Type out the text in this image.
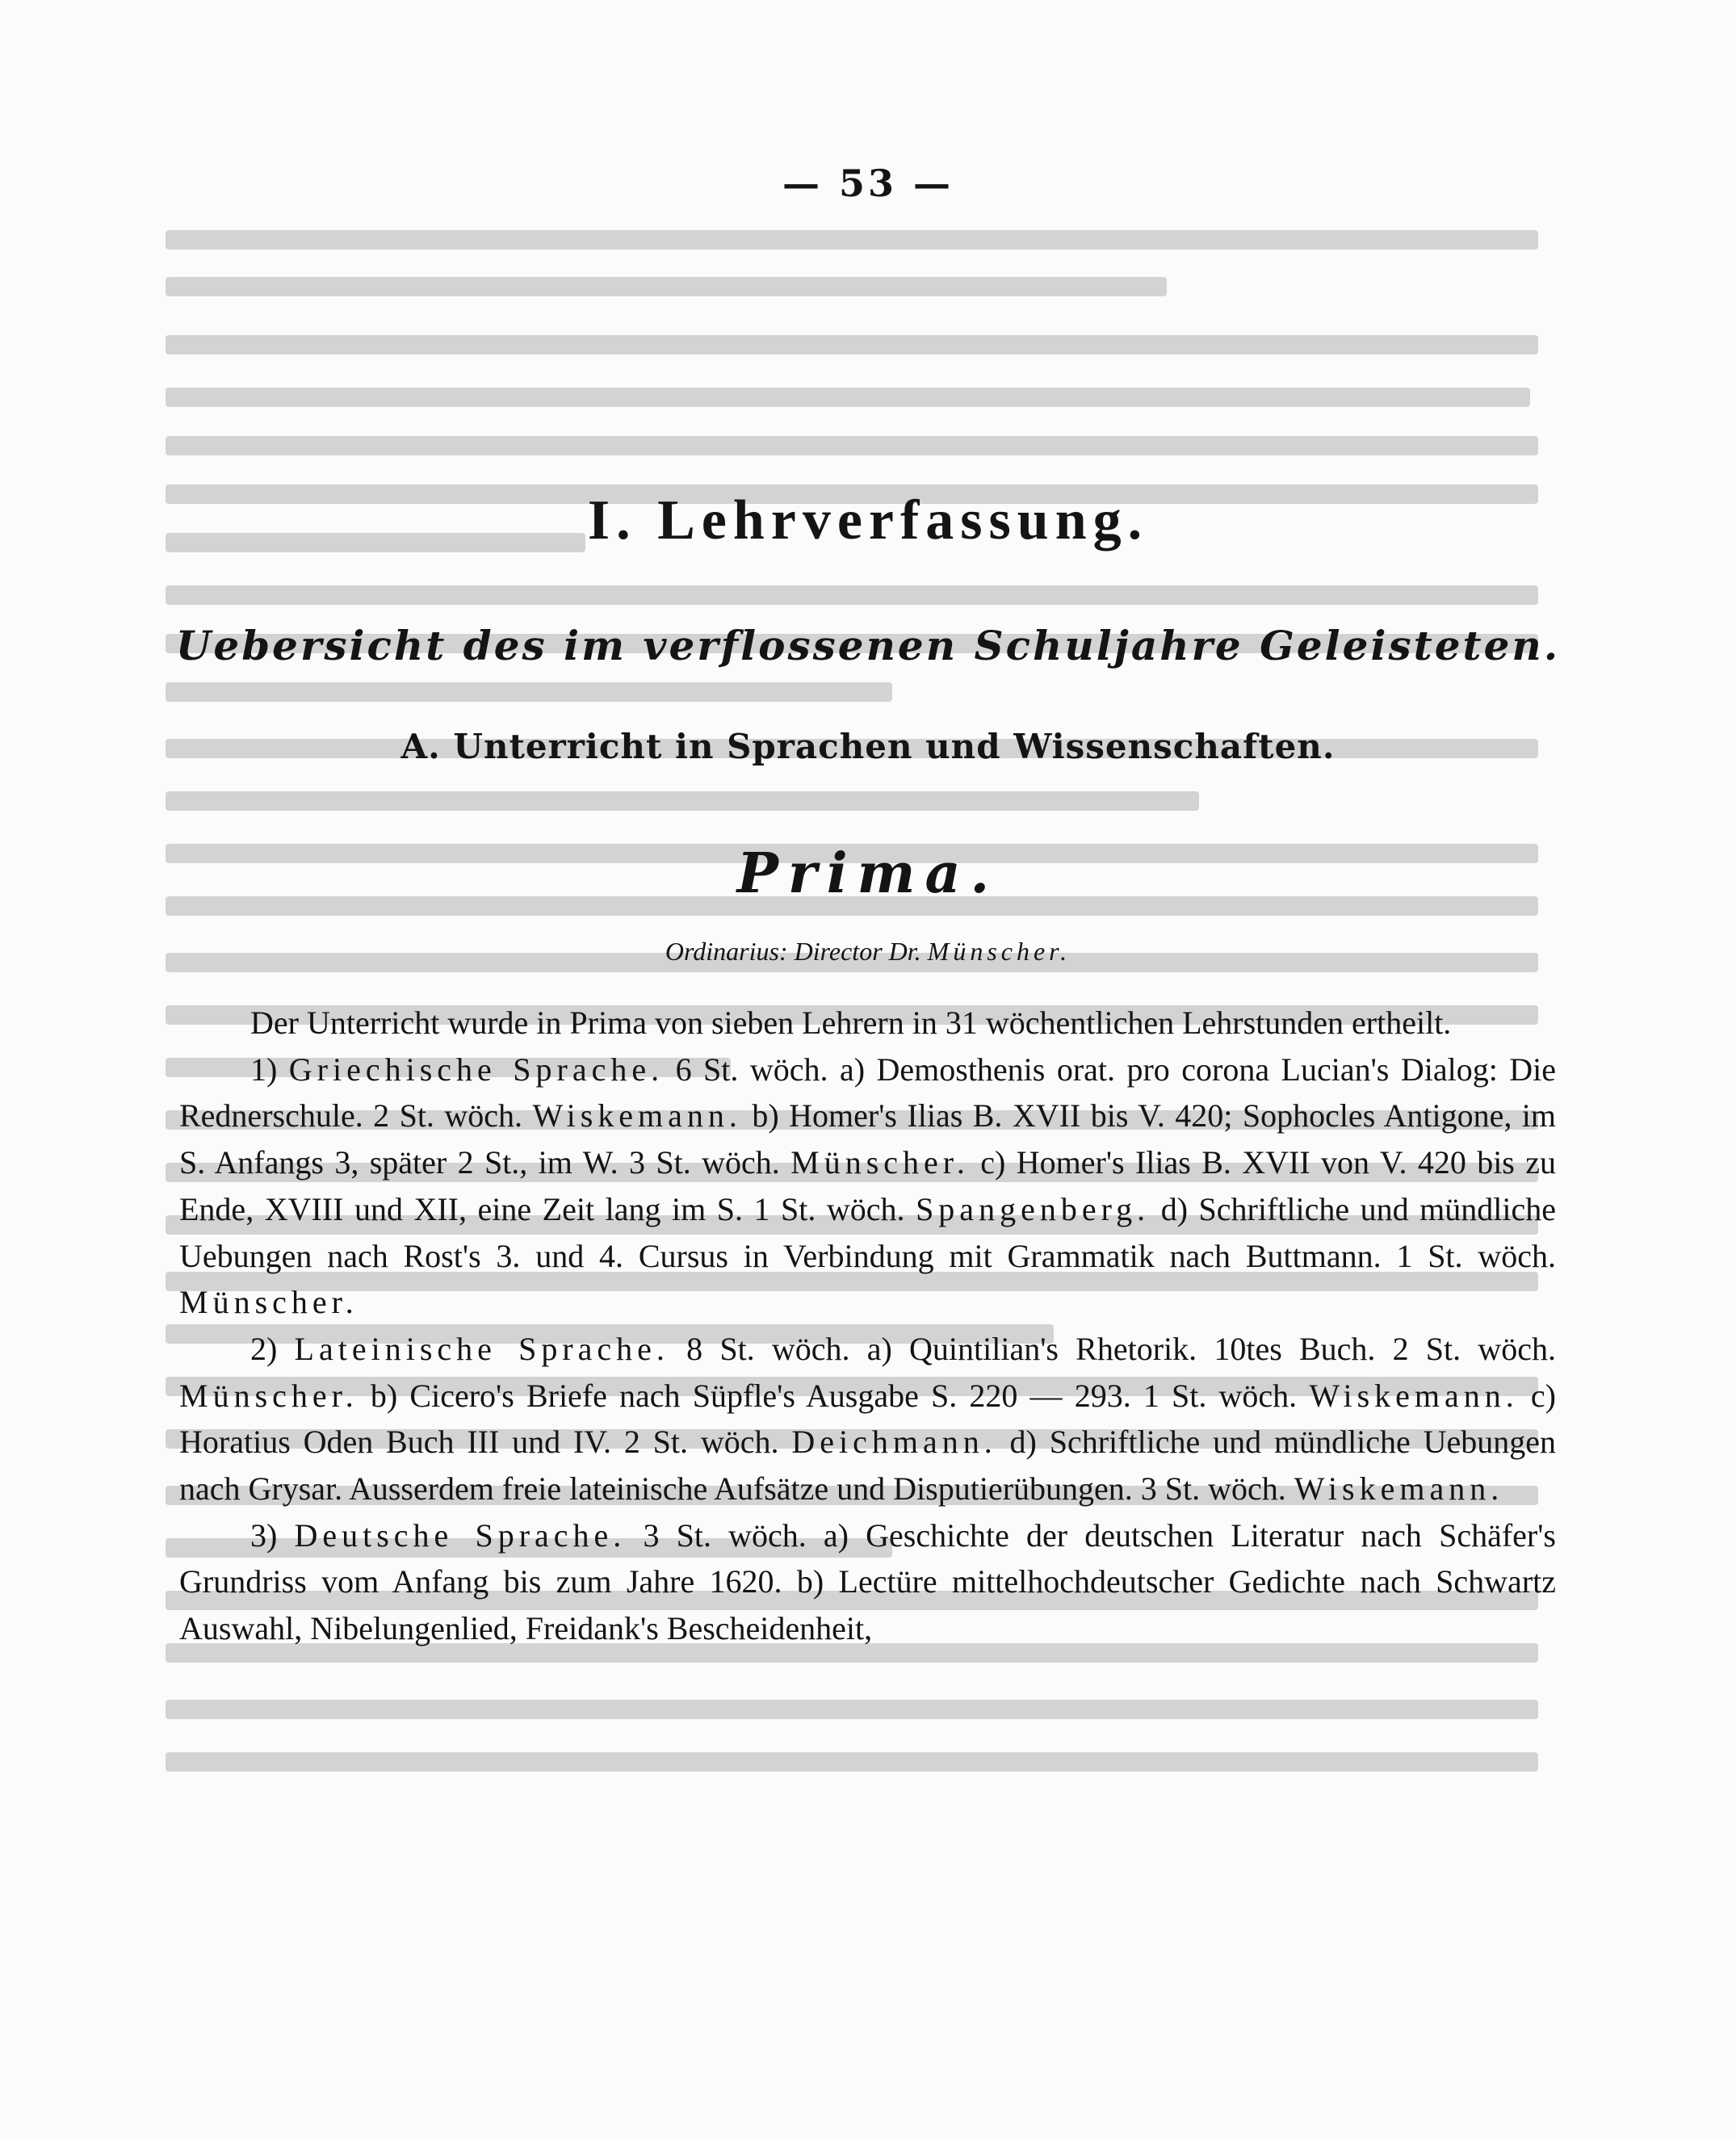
— 53 —
I. Lehrverfassung.
Uebersicht des im verflossenen Schuljahre Geleisteten.
A. Unterricht in Sprachen und Wissenschaften.
Prima.
Ordinarius: Director Dr. Münscher.

Der Unterricht wurde in Prima von sieben Lehrern in 31 wöchentlichen Lehrstunden ertheilt.

1) Griechische Sprache. 6 St. wöch. a) Demosthenis orat. pro corona Lucian's Dialog: Die Rednerschule. 2 St. wöch. Wiskemann. b) Homer's Ilias B. XVII bis V. 420; Sophocles Antigone, im S. Anfangs 3, später 2 St., im W. 3 St. wöch. Münscher. c) Homer's Ilias B. XVII von V. 420 bis zu Ende, XVIII und XII, eine Zeit lang im S. 1 St. wöch. Spangenberg. d) Schriftliche und mündliche Uebungen nach Rost's 3. und 4. Cursus in Verbindung mit Grammatik nach Buttmann. 1 St. wöch. Münscher.

2) Lateinische Sprache. 8 St. wöch. a) Quintilian's Rhetorik. 10tes Buch. 2 St. wöch. Münscher. b) Cicero's Briefe nach Süpfle's Ausgabe S. 220 — 293. 1 St. wöch. Wiskemann. c) Horatius Oden Buch III und IV. 2 St. wöch. Deichmann. d) Schriftliche und mündliche Uebungen nach Grysar. Ausserdem freie lateinische Aufsätze und Disputierübungen. 3 St. wöch. Wiskemann.

3) Deutsche Sprache. 3 St. wöch. a) Geschichte der deutschen Literatur nach Schäfer's Grundriss vom Anfang bis zum Jahre 1620. b) Lectüre mittelhochdeutscher Gedichte nach Schwartz Auswahl, Nibelungenlied, Freidank's Bescheidenheit,
